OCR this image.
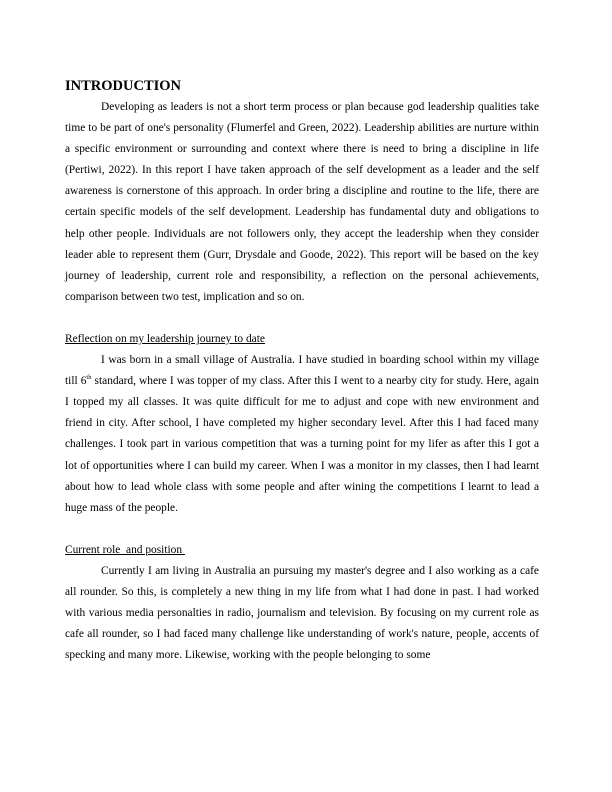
INTRODUCTION

Developing as leaders is not a short term process or plan because god leadership qualities take time to be part of one's personality (Flumerfel and Green, 2022). Leadership abilities are nurture within a specific environment or surrounding and context where there is need to bring a discipline in life (Pertiwi, 2022). In this report I have taken approach of the self development as a leader and the self awareness is cornerstone of this approach. In order bring a discipline and routine to the life, there are certain specific models of the self development. Leadership has fundamental duty and obligations to help other people. Individuals are not followers only, they accept the leadership when they consider leader able to represent them (Gurr, Drysdale and Goode, 2022). This report will be based on the key journey of leadership, current role and responsibility, a reflection on the personal achievements, comparison between two test, implication and so on.

Reflection on my leadership journey to date

I was born in a small village of Australia. I have studied in boarding school within my village till 6th standard, where I was topper of my class. After this I went to a nearby city for study. Here, again I topped my all classes. It was quite difficult for me to adjust and cope with new environment and friend in city. After school, I have completed my higher secondary level. After this I had faced many challenges. I took part in various competition that was a turning point for my lifer as after this I got a lot of opportunities where I can build my career. When I was a monitor in my classes, then I had learnt about how to lead whole class with some people and after wining the competitions I learnt to lead a huge mass of the people.

Current role  and position

Currently I am living in Australia an pursuing my master's degree and I also working as a cafe all rounder. So this, is completely a new thing in my life from what I had done in past. I had worked with various media personalties in radio, journalism and television. By focusing on my current role as cafe all rounder, so I had faced many challenge like understanding of work's nature, people, accents of specking and many more. Likewise, working with the people belonging to some
